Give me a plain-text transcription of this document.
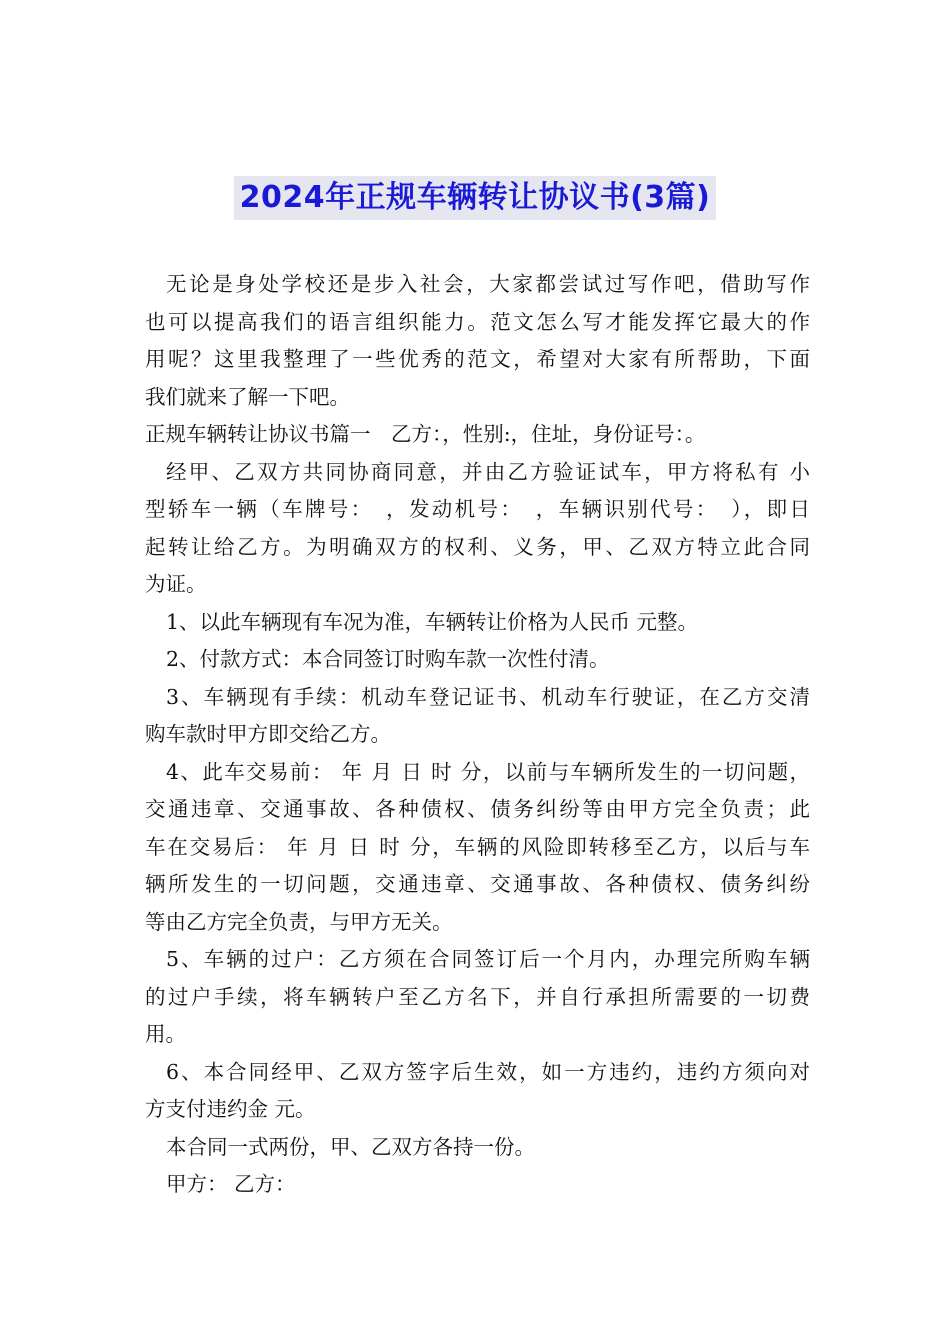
2024年正规车辆转让协议书(3篇)
无论是身处学校还是步入社会，大家都尝试过写作吧，借助写作
也可以提高我们的语言组织能力。范文怎么写才能发挥它最大的作
用呢？这里我整理了一些优秀的范文，希望对大家有所帮助，下面
我们就来了解一下吧。
正规车辆转让协议书篇一　乙方：，性别:，住址，身份证号：。
经甲、乙双方共同协商同意，并由乙方验证试车，甲方将私有 小
型轿车一辆（车牌号：　，发动机号：　，车辆识别代号：　），即日
起转让给乙方。为明确双方的权利、义务，甲、乙双方特立此合同
为证。
1、以此车辆现有车况为准，车辆转让价格为人民币 元整。
2、付款方式：本合同签订时购车款一次性付清。
3、车辆现有手续：机动车登记证书、机动车行驶证，在乙方交清
购车款时甲方即交给乙方。
4、此车交易前： 年 月 日 时 分，以前与车辆所发生的一切问题，
交通违章、交通事故、各种债权、债务纠纷等由甲方完全负责；此
车在交易后： 年 月 日 时 分，车辆的风险即转移至乙方，以后与车
辆所发生的一切问题，交通违章、交通事故、各种债权、债务纠纷
等由乙方完全负责，与甲方无关。
5、车辆的过户：乙方须在合同签订后一个月内，办理完所购车辆
的过户手续，将车辆转户至乙方名下，并自行承担所需要的一切费
用。
6、本合同经甲、乙双方签字后生效，如一方违约，违约方须向对
方支付违约金 元。
本合同一式两份，甲、乙双方各持一份。
甲方： 乙方：
